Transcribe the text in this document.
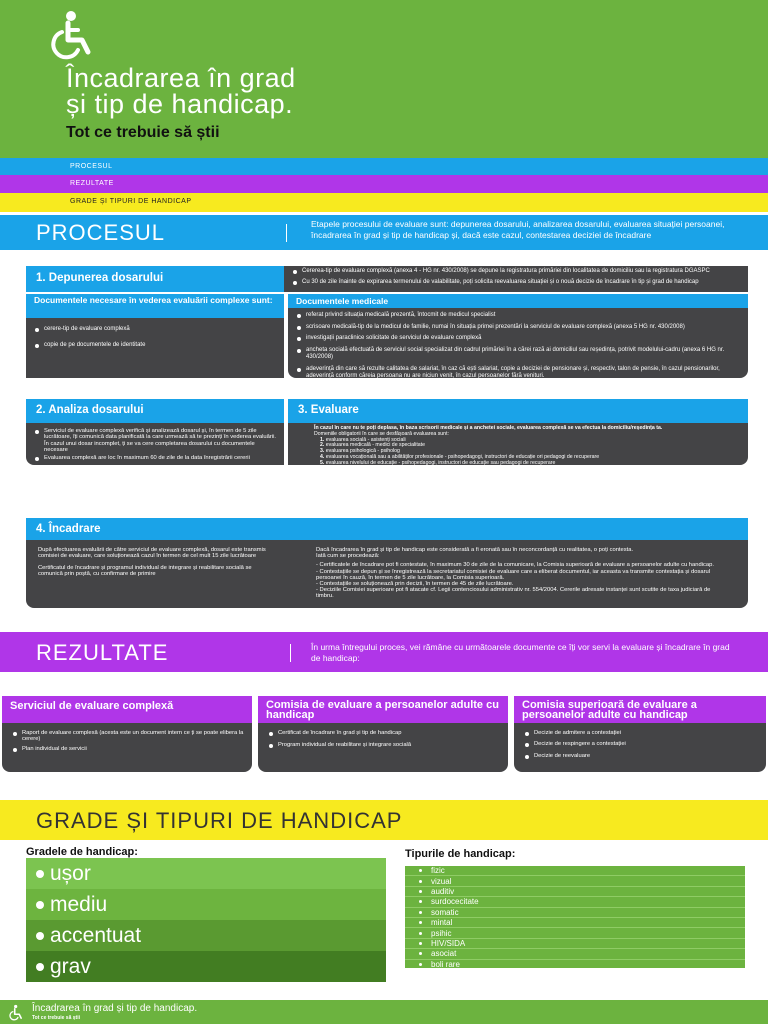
Încadrarea în grad
și tip de handicap.
Tot ce trebuie să știi
PROCESUL
REZULTATE
GRADE ȘI TIPURI DE HANDICAP
PROCESUL	Etapele procesului de evaluare sunt: depunerea dosarului, analizarea dosarului, evaluarea situației persoanei, încadrarea în grad și tip de handicap și, dacă este cazul, contestarea deciziei de încadrare
1. Depunerea dosarului
Cererea-tip de evaluare complexă (anexa 4 - HG nr. 430/2008) se depune la registratura primăriei din localitatea de domiciliu sau la registratura DGASPC
Cu 30 de zile înainte de expirarea termenului de valabilitate, poți solicita reevaluarea situației și o nouă decizie de încadrare în tip și grad de handicap
Documentele necesare în vederea evaluării complexe sunt:
cerere-tip de evaluare complexă
copie de pe documentele de identitate
Documentele medicale
referat privind situația medicală prezentă, întocmit de medicul specialist
scrisoare medicală-tip de la medicul de familie, numai în situația primei prezentări la serviciul de evaluare complexă (anexa 5 HG nr. 430/2008)
investigații paraclinice solicitate de serviciul de evaluare complexă
ancheta socială efectuată de serviciul social specializat din cadrul primăriei în a cărei rază ai domiciliul sau reședința, potrivit modelului-cadru (anexa 6 HG nr. 430/2008)
adeverință din care să rezulte calitatea de salariat, în caz că ești salariat, copie a deciziei de pensionare și, respectiv, talon de pensie, în cazul pensionarilor, adeverință conform căreia persoana nu are niciun venit, în cazul persoanelor fără venituri.
2. Analiza dosarului
Serviciul de evaluare complexă verifică și analizează dosarul și, în termen de 5 zile lucrătoare, îți comunică data planificată la care urmează să te prezinți în vederea evaluării. În cazul unui dosar incomplet, ți se va cere completarea dosarului cu documentele necesare
Evaluarea complexă are loc în maximum 60 de zile de la data înregistrării cererii
3. Evaluare
În cazul în care nu te poți deplasa, în baza scrisorii medicale și a anchetei sociale, evaluarea complexă se va efectua la domiciliu/reședința ta.
Domeniile obligatorii în care se desfășoară evaluarea sunt:
1. evaluarea socială - asistenți sociali
2. evaluarea medicală - medici de specialitate
3. evaluarea psihologică - psiholog
4. evaluarea vocațională sau a abilităților profesionale - psihopedagogi, instructori de educație ori pedagogi de recuperare
5. evaluarea nivelului de educație - psihopedagogi, instructori de educație sau pedagogi de recuperare
6. evaluarea abilităților și a nivelului de integrare socială - psiholog, psihopedagogi, pedagogi de recuperare sau asistenți sociali.
4. Încadrare
După efectuarea evaluării de către serviciul de evaluare complexă, dosarul este transmis comisiei de evaluare, care soluționează cazul în termen de cel mult 15 zile lucrătoare
Certificatul de încadrare și programul individual de integrare și reabilitare socială se comunică prin poștă, cu confirmare de primire
Dacă încadrarea în grad și tip de handicap este considerată a fi eronată sau în neconcordanță cu realitatea, o poți contesta.
Iată cum se procedează:
- Certificatele de încadrare pot fi contestate, în maximum 30 de zile de la comunicare, la Comisia superioară de evaluare a persoanelor adulte cu handicap.
- Contestațiile se depun și se înregistrează la secretariatul comisiei de evaluare care a eliberat documentul, iar aceasta va transmite contestația și dosarul persoanei în cauză, în termen de 5 zile lucrătoare, la Comisia superioară.
- Contestațiile se soluționează prin decizii, în termen de 45 de zile lucrătoare.
- Deciziile Comisiei superioare pot fi atacate cf. Legii contenciosului administrativ nr. 554/2004. Cererile adresate instanței sunt scutite de taxa judiciară de timbru.
REZULTATE	În urma întregului proces, vei rămâne cu următoarele documente ce îți vor servi la evaluare și încadrare în grad de handicap:
Serviciul de evaluare complexă
Raport de evaluare complexă (acesta este un document intern ce ți se poate elibera la cerere)
Plan individual de servicii
Comisia de evaluare a persoanelor adulte cu handicap
Certificat de încadrare în grad și tip de handicap
Program individual de reabilitare și integrare socială
Comisia superioară de evaluare a persoanelor adulte cu handicap
Decizie de admitere a contestației
Decizie de respingere a contestației
Decizie de reevaluare
GRADE ȘI TIPURI DE HANDICAP
Gradele de handicap:	Tipurile de handicap:
ușor
mediu
accentuat
grav
fizic
vizual
auditiv
surdocecitate
somatic
mintal
psihic
HIV/SIDA
asociat
boli rare
Încadrarea în grad și tip de handicap.
Tot ce trebuie să știi
